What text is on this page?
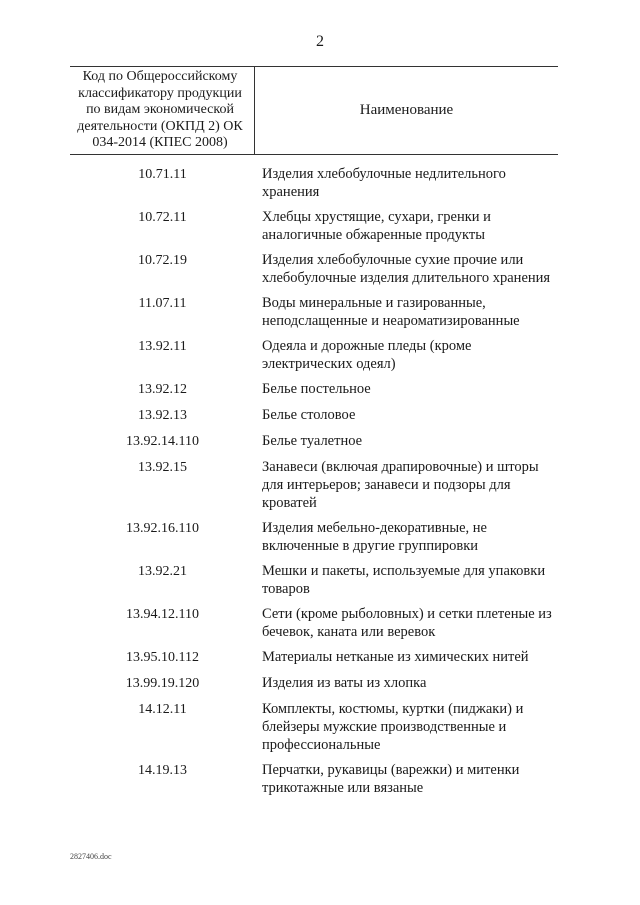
2
Код по Общероссийскому классификатору продукции по видам экономической деятельности (ОКПД 2) ОК 034-2014 (КПЕС 2008)
Наименование
10.71.11	Изделия хлебобулочные недлительного хранения
10.72.11	Хлебцы хрустящие, сухари, гренки и аналогичные обжаренные продукты
10.72.19	Изделия хлебобулочные сухие прочие или хлебобулочные изделия длительного хранения
11.07.11	Воды минеральные и газированные, неподслащенные и неароматизированные
13.92.11	Одеяла и дорожные пледы (кроме электрических одеял)
13.92.12	Белье постельное
13.92.13	Белье столовое
13.92.14.110	Белье туалетное
13.92.15	Занавеси (включая драпировочные) и шторы для интерьеров; занавеси и подзоры для кроватей
13.92.16.110	Изделия мебельно-декоративные, не включенные в другие группировки
13.92.21	Мешки и пакеты, используемые для упаковки товаров
13.94.12.110	Сети (кроме рыболовных) и сетки плетеные из бечевок, каната или веревок
13.95.10.112	Материалы нетканые из химических нитей
13.99.19.120	Изделия из ваты из хлопка
14.12.11	Комплекты, костюмы, куртки (пиджаки) и блейзеры мужские производственные и профессиональные
14.19.13	Перчатки, рукавицы (варежки) и митенки трикотажные или вязаные
2827406.doc
